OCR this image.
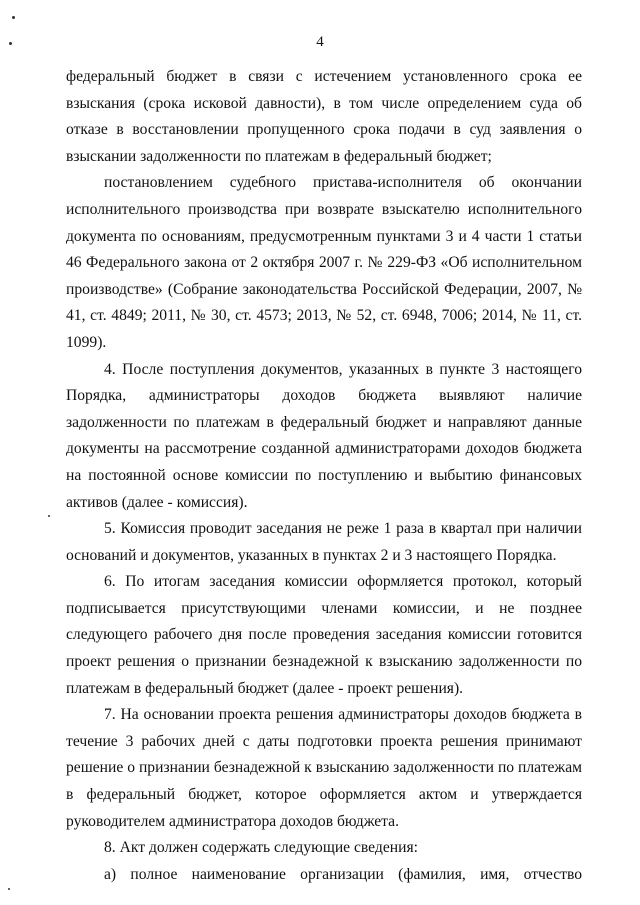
4

федеральный бюджет в связи с истечением установленного срока ее взыскания (срока исковой давности), в том числе определением суда об отказе в восстановлении пропущенного срока подачи в суд заявления о взыскании задолженности по платежам в федеральный бюджет;

постановлением судебного пристава-исполнителя об окончании исполнительного производства при возврате взыскателю исполнительного документа по основаниям, предусмотренным пунктами 3 и 4 части 1 статьи 46 Федерального закона от 2 октября 2007 г. № 229-ФЗ «Об исполнительном производстве» (Собрание законодательства Российской Федерации, 2007, № 41, ст. 4849; 2011, № 30, ст. 4573; 2013, № 52, ст. 6948, 7006; 2014, № 11, ст. 1099).

4. После поступления документов, указанных в пункте 3 настоящего Порядка, администраторы доходов бюджета выявляют наличие задолженности по платежам в федеральный бюджет и направляют данные документы на рассмотрение созданной администраторами доходов бюджета на постоянной основе комиссии по поступлению и выбытию финансовых активов (далее - комиссия).

5. Комиссия проводит заседания не реже 1 раза в квартал при наличии оснований и документов, указанных в пунктах 2 и 3 настоящего Порядка.

6. По итогам заседания комиссии оформляется протокол, который подписывается присутствующими членами комиссии, и не позднее следующего рабочего дня после проведения заседания комиссии готовится проект решения о признании безнадежной к взысканию задолженности по платежам в федеральный бюджет (далее - проект решения).

7. На основании проекта решения администраторы доходов бюджета в течение 3 рабочих дней с даты подготовки проекта решения принимают решение о признании безнадежной к взысканию задолженности по платежам в федеральный бюджет, которое оформляется актом и утверждается руководителем администратора доходов бюджета.

8. Акт должен содержать следующие сведения:

а) полное наименование организации (фамилия, имя, отчество
